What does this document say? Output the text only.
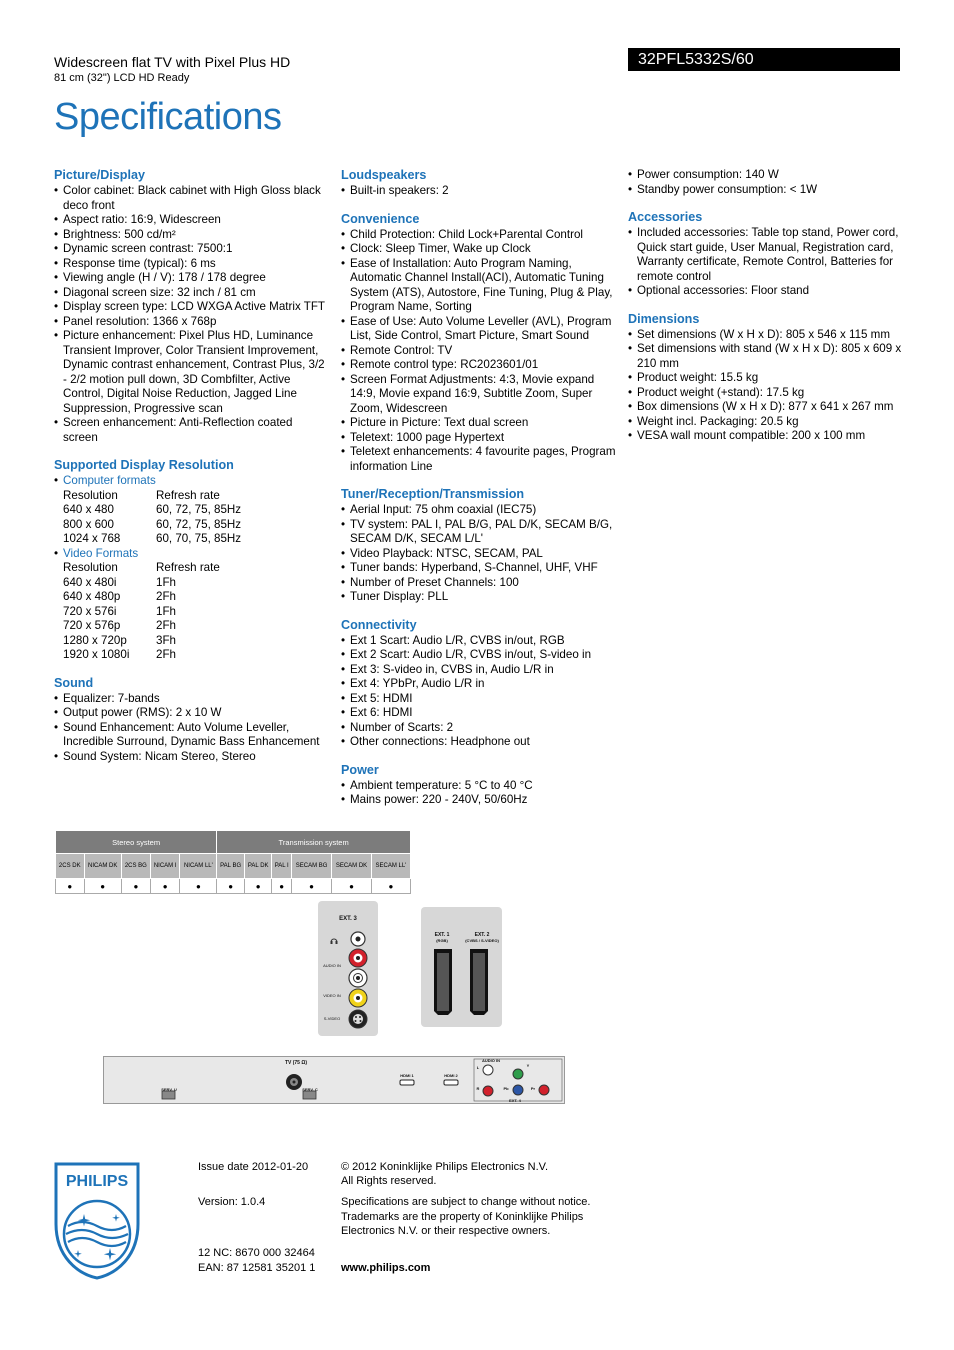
Widescreen flat TV with Pixel Plus HD
81 cm (32") LCD HD Ready
32PFL5332S/60
Specifications
Picture/Display
• Color cabinet: Black cabinet with High Gloss black deco front
• Aspect ratio: 16:9, Widescreen
• Brightness: 500 cd/m²
• Dynamic screen contrast: 7500:1
• Response time (typical): 6 ms
• Viewing angle (H / V): 178 / 178 degree
• Diagonal screen size: 32 inch / 81 cm
• Display screen type: LCD WXGA Active Matrix TFT
• Panel resolution: 1366 x 768p
• Picture enhancement: Pixel Plus HD, Luminance Transient Improver, Color Transient Improvement, Dynamic contrast enhancement, Contrast Plus, 3/2 - 2/2 motion pull down, 3D Combfilter, Active Control, Digital Noise Reduction, Jagged Line Suppression, Progressive scan
• Screen enhancement: Anti-Reflection coated screen
Supported Display Resolution
• Computer formats
Resolution	Refresh rate
640 x 480	60, 72, 75, 85Hz
800 x 600	60, 72, 75, 85Hz
1024 x 768	60, 70, 75, 85Hz
• Video Formats
Resolution	Refresh rate
640 x 480i	1Fh
640 x 480p	2Fh
720 x 576i	1Fh
720 x 576p	2Fh
1280 x 720p	3Fh
1920 x 1080i	2Fh
Sound
• Equalizer: 7-bands
• Output power (RMS): 2 x 10 W
• Sound Enhancement: Auto Volume Leveller, Incredible Surround, Dynamic Bass Enhancement
• Sound System: Nicam Stereo, Stereo
Loudspeakers
• Built-in speakers: 2
Convenience
• Child Protection: Child Lock+Parental Control
• Clock: Sleep Timer, Wake up Clock
• Ease of Installation: Auto Program Naming, Automatic Channel Install(ACI), Automatic Tuning System (ATS), Autostore, Fine Tuning, Plug & Play, Program Name, Sorting
• Ease of Use: Auto Volume Leveller (AVL), Program List, Side Control, Smart Picture, Smart Sound
• Remote Control: TV
• Remote control type: RC2023601/01
• Screen Format Adjustments: 4:3, Movie expand 14:9, Movie expand 16:9, Subtitle Zoom, Super Zoom, Widescreen
• Picture in Picture: Text dual screen
• Teletext: 1000 page Hypertext
• Teletext enhancements: 4 favourite pages, Program information Line
Tuner/Reception/Transmission
• Aerial Input: 75 ohm coaxial (IEC75)
• TV system: PAL I, PAL B/G, PAL D/K, SECAM B/G, SECAM D/K, SECAM L/L'
• Video Playback: NTSC, SECAM, PAL
• Tuner bands: Hyperband, S-Channel, UHF, VHF
• Number of Preset Channels: 100
• Tuner Display: PLL
Connectivity
• Ext 1 Scart: Audio L/R, CVBS in/out, RGB
• Ext 2 Scart: Audio L/R, CVBS in/out, S-video in
• Ext 3: S-video in, CVBS in, Audio L/R in
• Ext 4: YPbPr, Audio L/R in
• Ext 5: HDMI
• Ext 6: HDMI
• Number of Scarts: 2
• Other connections: Headphone out
Power
• Ambient temperature: 5 °C to 40 °C
• Mains power: 220 - 240V, 50/60Hz
• Power consumption: 140 W
• Standby power consumption: < 1W
Accessories
• Included accessories: Table top stand, Power cord, Quick start guide, User Manual, Registration card, Warranty certificate, Remote Control, Batteries for remote control
• Optional accessories: Floor stand
Dimensions
• Set dimensions (W x H x D): 805 x 546 x 115 mm
• Set dimensions with stand (W x H x D): 805 x 609 x 210 mm
• Product weight: 15.5 kg
• Product weight (+stand): 17.5 kg
• Box dimensions (W x H x D): 877 x 641 x 267 mm
• Weight incl. Packaging: 20.5 kg
• VESA wall mount compatible: 200 x 100 mm
Stereo system					Transmission system					
2CS DK	NICAM DK	2CS BG	NICAM I	NICAM LL'	PAL BG	PAL DK	PAL I	SECAM BG	SECAM DK	SECAM LL'
●	●	●	●	●	●	●	●	●	●	●
EXT. 3
AUDIO IN
VIDEO IN
S-VIDEO
EXT. 1
(RGB)
EXT. 2
(CVBS / S-VIDEO)
TV (75 Ω)
SERV. U	SERV. C
HDMI 1	HDMI 2
AUDIO IN
L
R
Y
Pb	Pr
EXT. 4
PHILIPS
Issue date 2012-01-20
Version: 1.0.4
12 NC: 8670 000 32464
EAN: 87 12581 35201 1
© 2012 Koninklijke Philips Electronics N.V.
All Rights reserved.
Specifications are subject to change without notice. Trademarks are the property of Koninklijke Philips Electronics N.V. or their respective owners.
www.philips.com
